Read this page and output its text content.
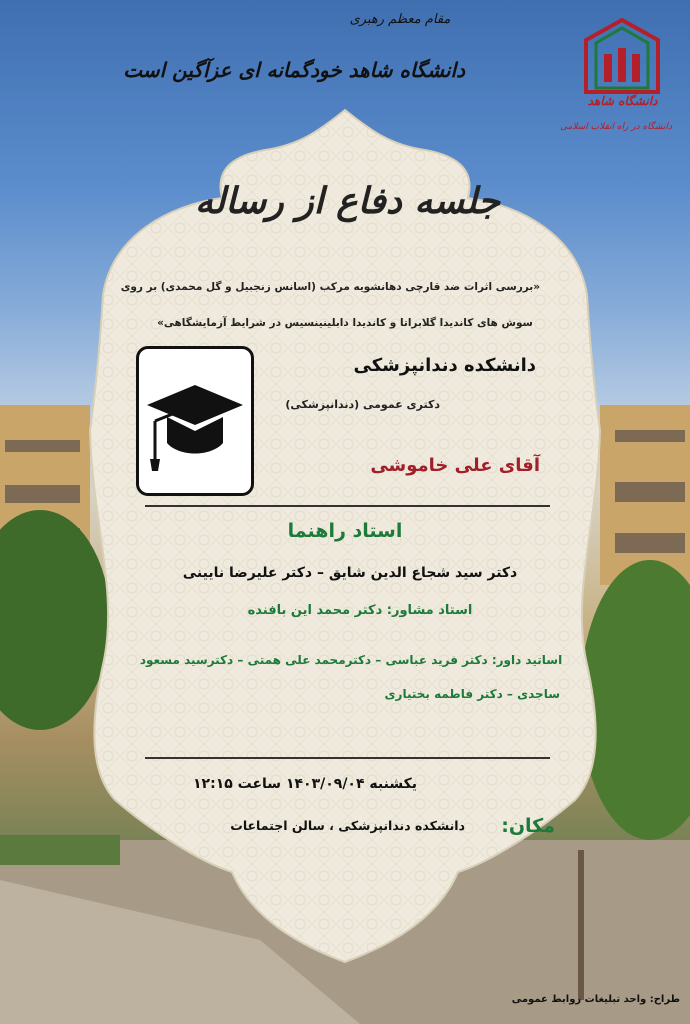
دانشگاه شاهد
دانشگاه در راه انقلاب اسلامی
مقام معظم رهبری
دانشگاه شاهد خودگمانه ای عزآگین است
جلسه دفاع از رساله
«بررسی اثرات ضد قارچی دهانشویه مرکب (اسانس زنجبیل و گل محمدی) بر روی
سوش های کاندیدا گلابراتا و کاندیدا دابلینینسیس در شرایط آزمایشگاهی»
دانشکده دندانپزشکی
دکتری عمومی (دندانپزشکی)
آقای علی خاموشی
استاد راهنما
دکتر سید شجاع الدین شایق – دکتر علیرضا نایینی
استاد مشاور: دکتر محمد این بافنده
اساتید داور: دکتر فرید عباسی – دکترمحمد علی همتی – دکترسید مسعود
ساجدی – دکتر فاطمه بختیاری
یکشنبه ۱۴۰۳/۰۹/۰۴ ساعت ۱۲:۱۵
مکان:
دانشکده دندانپزشکی ، سالن اجتماعات
طراح: واحد تبلیغات روابط عمومی
